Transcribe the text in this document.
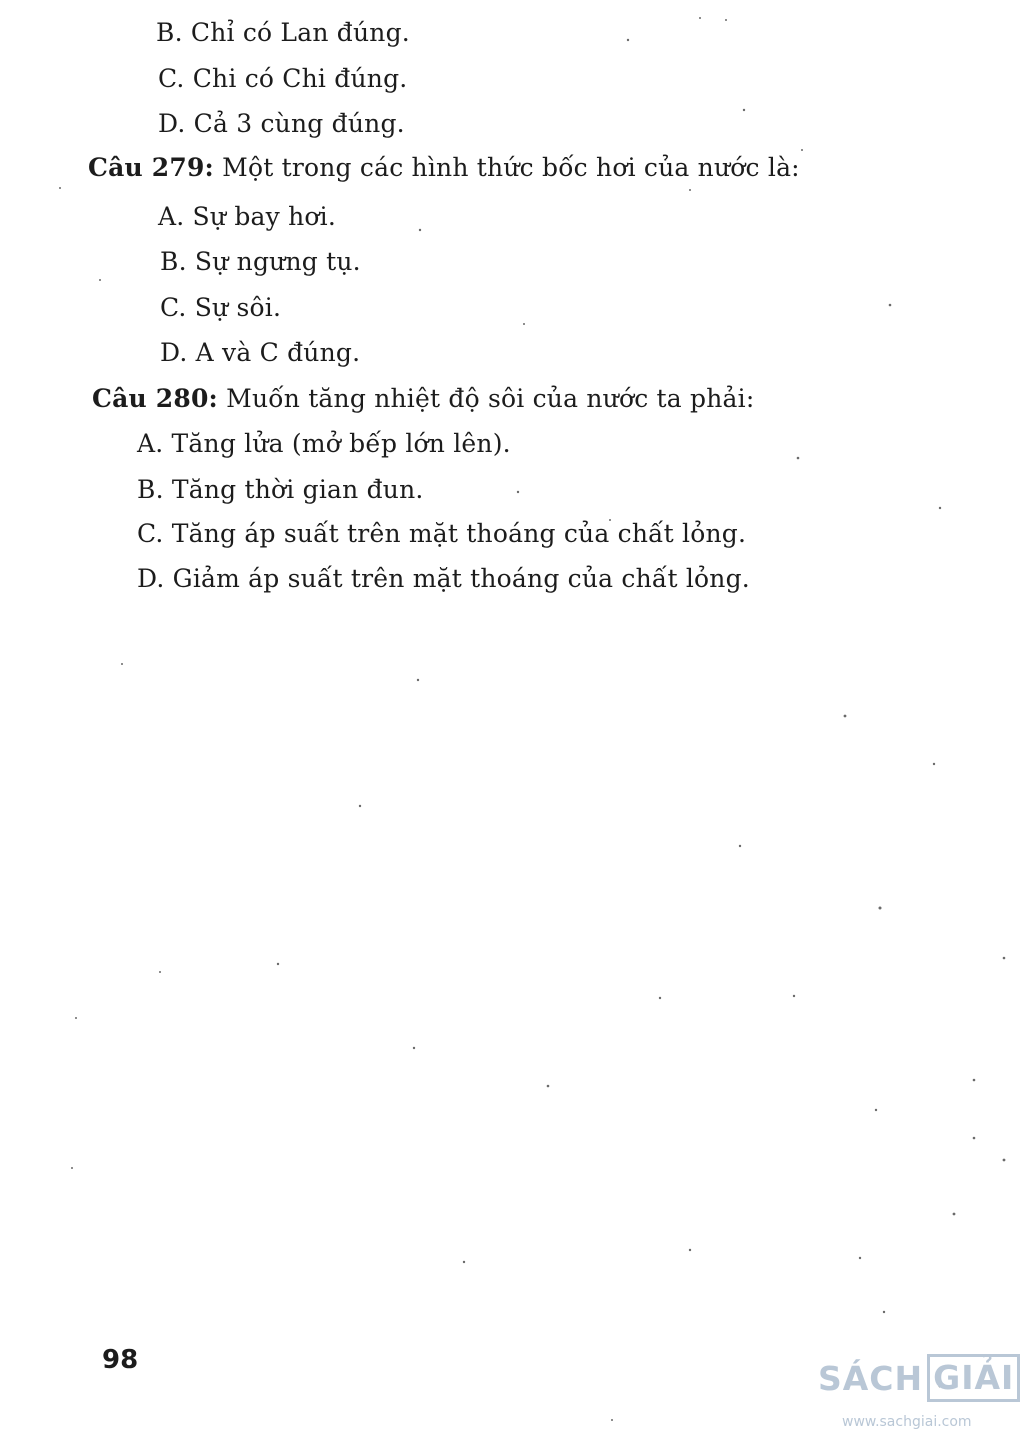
B. Chỉ có Lan đúng.
C. Chi có Chi đúng.
D. Cả 3 cùng đúng.
Câu 279: Một trong các hình thức bốc hơi của nước là:
A. Sự bay hơi.
B. Sự ngưng tụ.
C. Sự sôi.
D. A và C đúng.
Câu 280: Muốn tăng nhiệt độ sôi của nước ta phải:
A. Tăng lửa (mở bếp lớn lên).
B. Tăng thời gian đun.
C. Tăng áp suất trên mặt thoáng của chất lỏng.
D. Giảm áp suất trên mặt thoáng của chất lỏng.
98	SÁCH GIẢI
www.sachgiai.com
